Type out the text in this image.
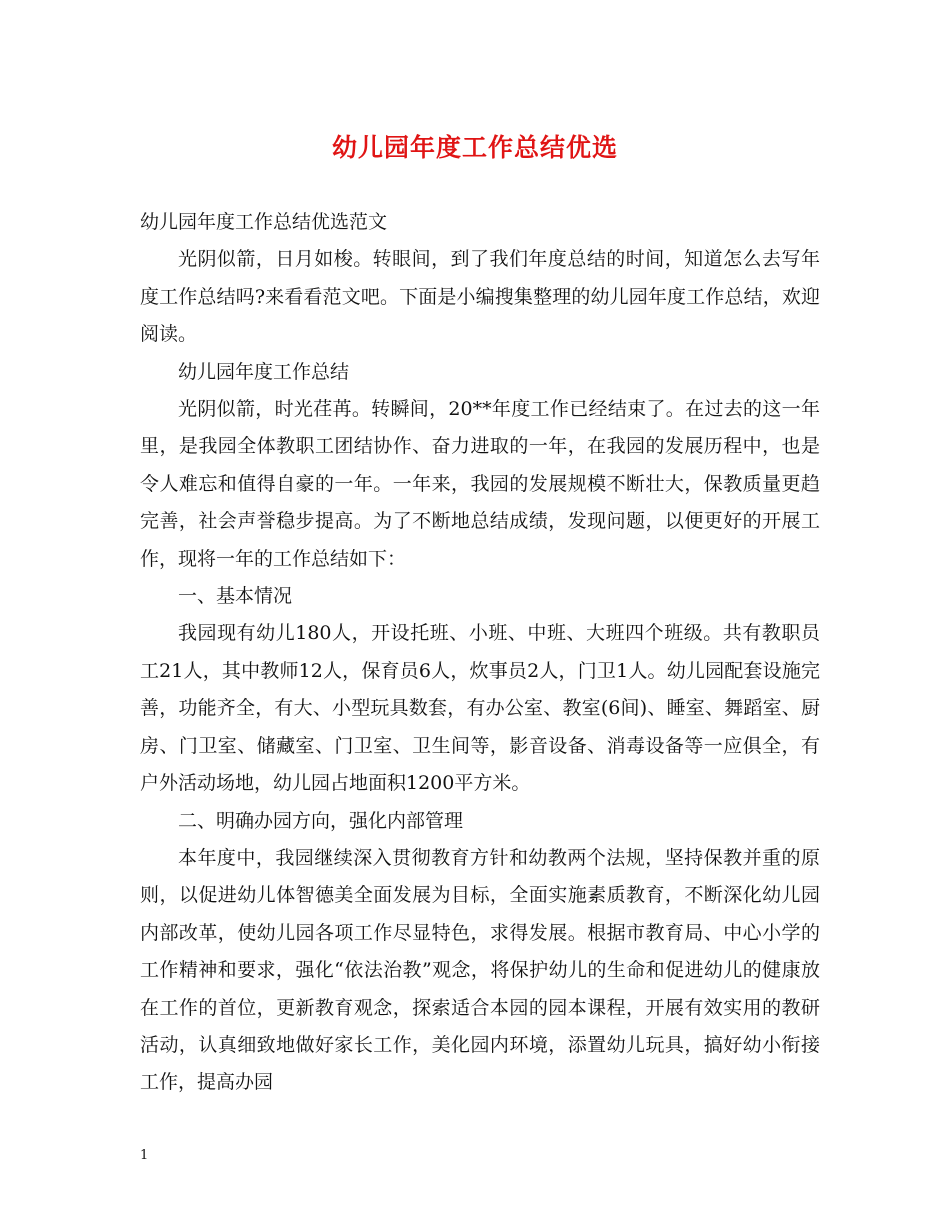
幼儿园年度工作总结优选

幼儿园年度工作总结优选范文

光阴似箭，日月如梭。转眼间，到了我们年度总结的时间，知道怎么去写年度工作总结吗?来看看范文吧。下面是小编搜集整理的幼儿园年度工作总结，欢迎阅读。

幼儿园年度工作总结

光阴似箭，时光荏苒。转瞬间，20**年度工作已经结束了。在过去的这一年里，是我园全体教职工团结协作、奋力进取的一年，在我园的发展历程中，也是令人难忘和值得自豪的一年。一年来，我园的发展规模不断壮大，保教质量更趋完善，社会声誉稳步提高。为了不断地总结成绩，发现问题，以便更好的开展工作，现将一年的工作总结如下：

一、基本情况

我园现有幼儿180人，开设托班、小班、中班、大班四个班级。共有教职员工21人，其中教师12人，保育员6人，炊事员2人，门卫1人。幼儿园配套设施完善，功能齐全，有大、小型玩具数套，有办公室、教室(6间)、睡室、舞蹈室、厨房、门卫室、储藏室、门卫室、卫生间等，影音设备、消毒设备等一应俱全，有户外活动场地，幼儿园占地面积1200平方米。

二、明确办园方向，强化内部管理

本年度中，我园继续深入贯彻教育方针和幼教两个法规，坚持保教并重的原则，以促进幼儿体智德美全面发展为目标，全面实施素质教育，不断深化幼儿园内部改革，使幼儿园各项工作尽显特色，求得发展。根据市教育局、中心小学的工作精神和要求，强化“依法治教”观念，将保护幼儿的生命和促进幼儿的健康放在工作的首位，更新教育观念，探索适合本园的园本课程，开展有效实用的教研活动，认真细致地做好家长工作，美化园内环境，添置幼儿玩具，搞好幼小衔接工作，提高办园

1
